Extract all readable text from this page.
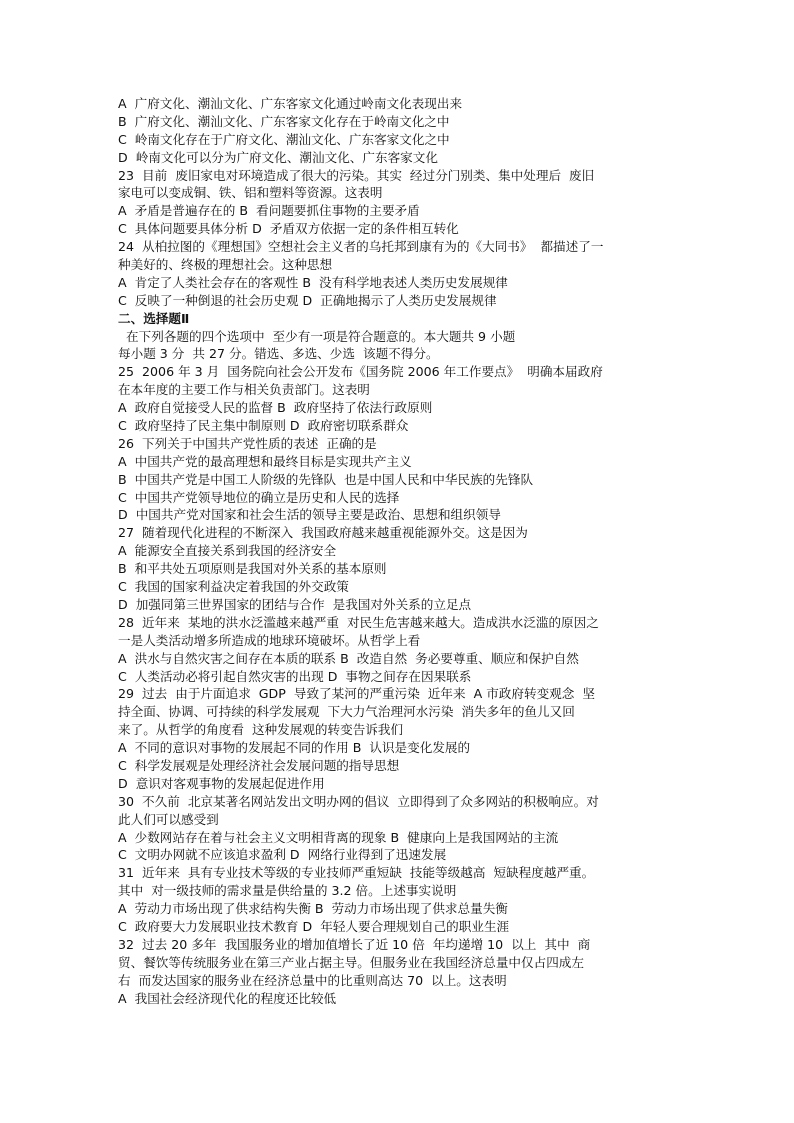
A  广府文化、潮汕文化、广东客家文化通过岭南文化表现出来
B  广府文化、潮汕文化、广东客家文化存在于岭南文化之中
C  岭南文化存在于广府文化、潮汕文化、广东客家文化之中
D  岭南文化可以分为广府文化、潮汕文化、广东客家文化
23  目前  废旧家电对环境造成了很大的污染。其实  经过分门别类、集中处理后  废旧
家电可以变成铜、铁、铝和塑料等资源。这表明
A  矛盾是普遍存在的 B  看问题要抓住事物的主要矛盾
C  具体问题要具体分析 D  矛盾双方依据一定的条件相互转化
24  从柏拉图的《理想国》空想社会主义者的乌托邦到康有为的《大同书》  都描述了一
种美好的、终极的理想社会。这种思想
A  肯定了人类社会存在的客观性 B  没有科学地表述人类历史发展规律
C  反映了一种倒退的社会历史观 D  正确地揭示了人类历史发展规律
二、选择题Ⅱ
在下列各题的四个选项中  至少有一项是符合题意的。本大题共 9 小题
每小题 3 分  共 27 分。错选、多选、少选  该题不得分。
25  2006 年 3 月  国务院向社会公开发布《国务院 2006 年工作要点》  明确本届政府
在本年度的主要工作与相关负责部门。这表明
A  政府自觉接受人民的监督 B  政府坚持了依法行政原则
C  政府坚持了民主集中制原则 D  政府密切联系群众
26  下列关于中国共产党性质的表述  正确的是
A  中国共产党的最高理想和最终目标是实现共产主义
B  中国共产党是中国工人阶级的先锋队  也是中国人民和中华民族的先锋队
C  中国共产党领导地位的确立是历史和人民的选择
D  中国共产党对国家和社会生活的领导主要是政治、思想和组织领导
27  随着现代化进程的不断深入  我国政府越来越重视能源外交。这是因为
A  能源安全直接关系到我国的经济安全
B  和平共处五项原则是我国对外关系的基本原则
C  我国的国家利益决定着我国的外交政策
D  加强同第三世界国家的团结与合作  是我国对外关系的立足点
28  近年来  某地的洪水泛滥越来越严重  对民生危害越来越大。造成洪水泛滥的原因之
一是人类活动增多所造成的地球环境破坏。从哲学上看
A  洪水与自然灾害之间存在本质的联系 B  改造自然  务必要尊重、顺应和保护自然
C  人类活动必将引起自然灾害的出现 D  事物之间存在因果联系
29  过去  由于片面追求  GDP  导致了某河的严重污染  近年来  A 市政府转变观念  坚
持全面、协调、可持续的科学发展观  下大力气治理河水污染  消失多年的鱼儿又回
来了。从哲学的角度看  这种发展观的转变告诉我们
A  不同的意识对事物的发展起不同的作用 B  认识是变化发展的
C  科学发展观是处理经济社会发展问题的指导思想
D  意识对客观事物的发展起促进作用
30  不久前  北京某著名网站发出文明办网的倡议  立即得到了众多网站的积极响应。对
此人们可以感受到
A  少数网站存在着与社会主义文明相背离的现象 B  健康向上是我国网站的主流
C  文明办网就不应该追求盈利 D  网络行业得到了迅速发展
31  近年来  具有专业技术等级的专业技师严重短缺  技能等级越高  短缺程度越严重。
其中  对一级技师的需求量是供给量的 3.2 倍。上述事实说明
A  劳动力市场出现了供求结构失衡 B  劳动力市场出现了供求总量失衡
C  政府要大力发展职业技术教育 D  年轻人要合理规划自己的职业生涯
32  过去 20 多年  我国服务业的增加值增长了近 10 倍  年均递增 10  以上  其中  商
贸、餐饮等传统服务业在第三产业占据主导。但服务业在我国经济总量中仅占四成左
右  而发达国家的服务业在经济总量中的比重则高达 70  以上。这表明
A  我国社会经济现代化的程度还比较低
